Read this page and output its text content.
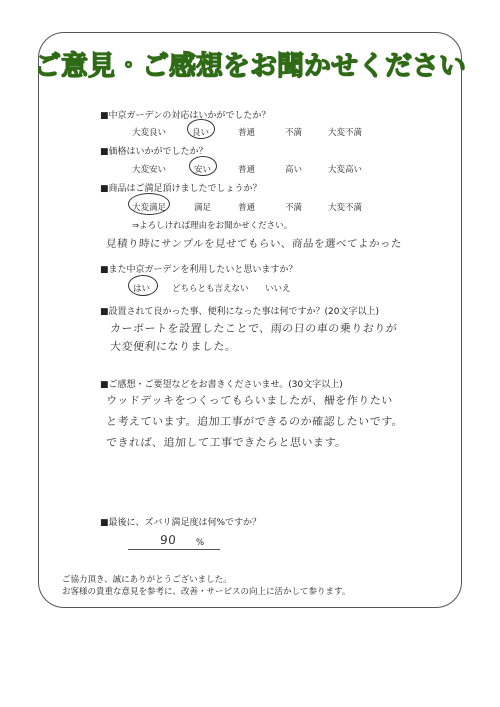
ご意見・ご感想をお聞かせください
■中京ガーデンの対応はいかがでしたか？
大変良い	良い	普通	不満	大変不満
■価格はいかがでしたか？
大変安い	安い	普通	高い	大変高い
■商品はご満足頂けましたでしょうか？
大変満足	満足	普通	不満	大変不満
⇒よろしければ理由をお聞かせください。
見積り時にサンプルを見せてもらい、商品を選べてよかった
■また中京ガーデンを利用したいと思いますか？
はい	どちらとも言えない いいえ
■設置されて良かった事、便利になった事は何ですか？(20文字以上)
カーポートを設置したことで、雨の日の車の乗りおりが
大変便利になりました。
■ご感想・ご要望などをお書きくださいませ。(30文字以上)
ウッドデッキをつくってもらいましたが、柵を作りたい
と考えています。追加工事ができるのか確認したいです。
できれば、追加して工事できたらと思います。
■最後に、ズバリ満足度は何%ですか？
90 %
ご協力頂き、誠にありがとうございました。
お客様の貴重な意見を参考に、改善・サービスの向上に活かして参ります。
